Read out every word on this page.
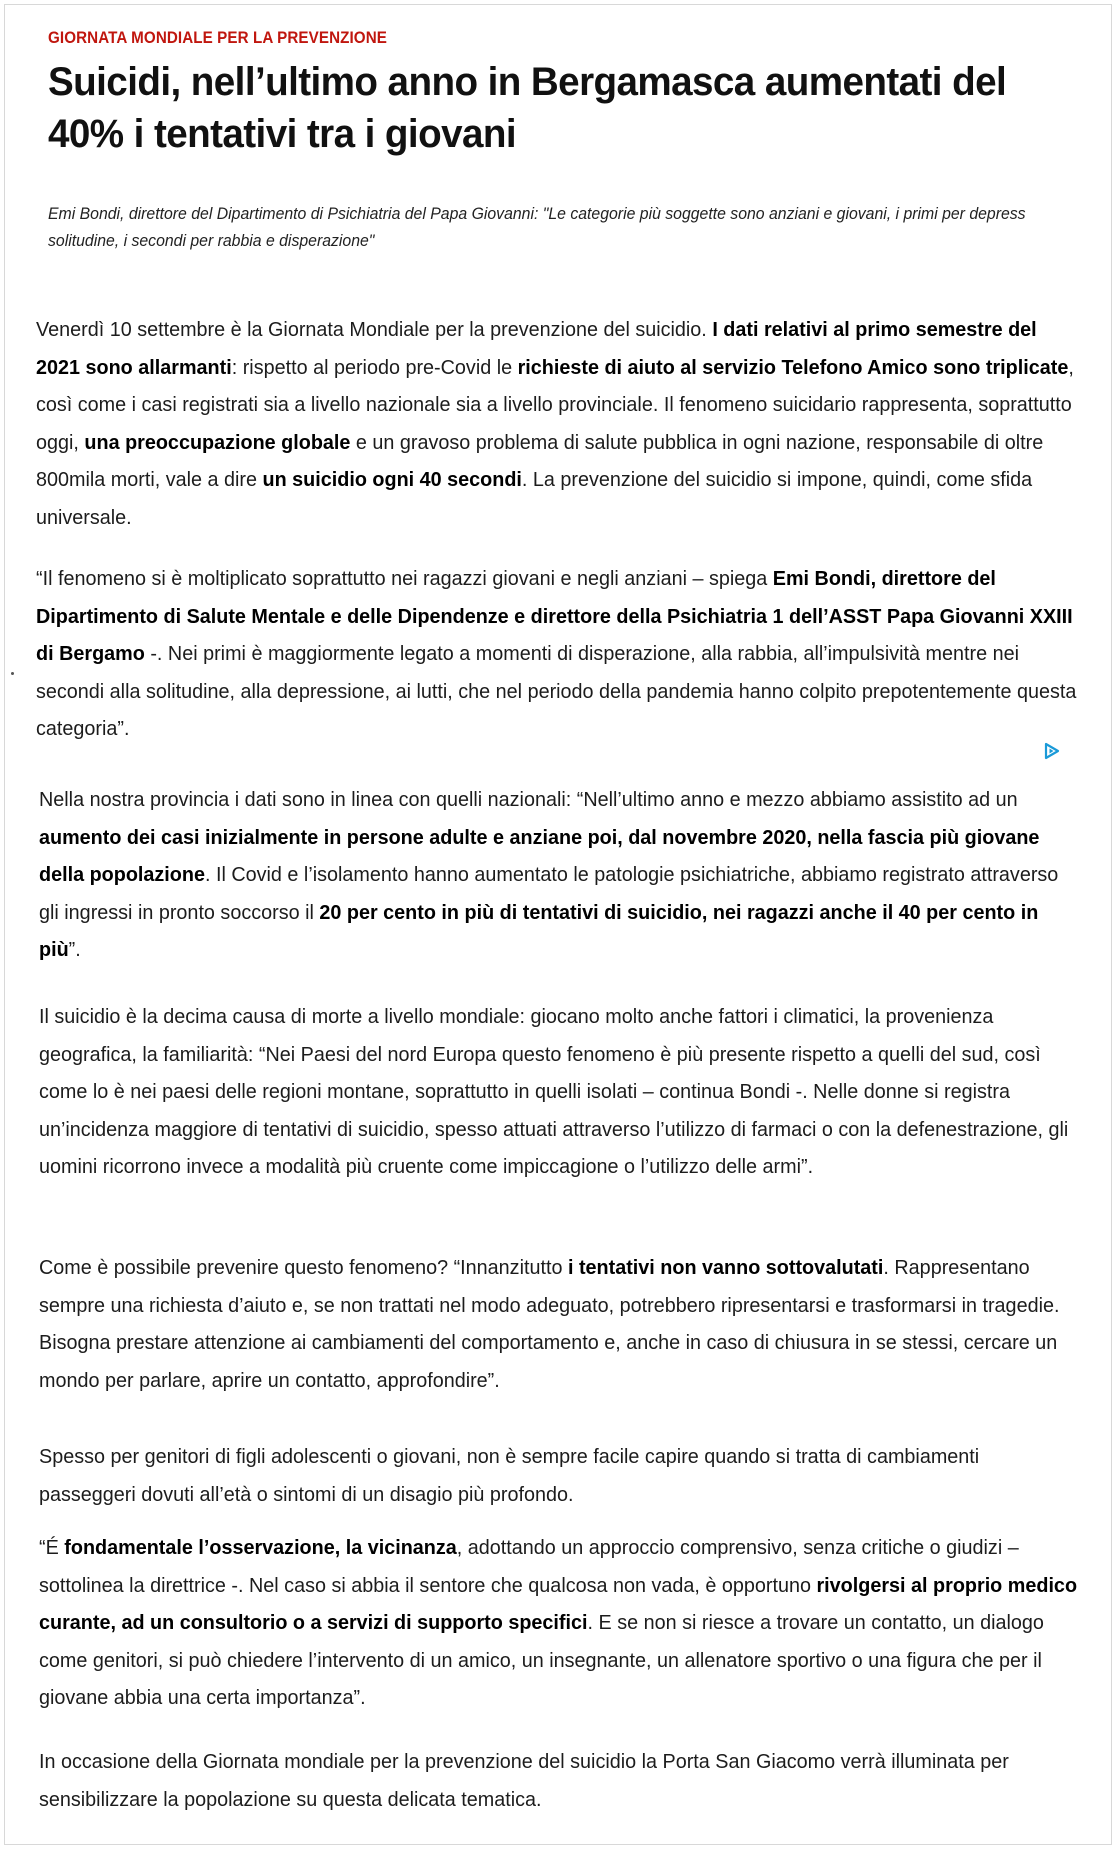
GIORNATA MONDIALE PER LA PREVENZIONE
Suicidi, nell’ultimo anno in Bergamasca aumentati del 40% i tentativi tra i giovani
Emi Bondi, direttore del Dipartimento di Psichiatria del Papa Giovanni: "Le categorie più soggette sono anziani e giovani, i primi per depress solitudine, i secondi per rabbia e disperazione"

Venerdì 10 settembre è la Giornata Mondiale per la prevenzione del suicidio. I dati relativi al primo semestre del 2021 sono allarmanti: rispetto al periodo pre-Covid le richieste di aiuto al servizio Telefono Amico sono triplicate, così come i casi registrati sia a livello nazionale sia a livello provinciale. Il fenomeno suicidario rappresenta, soprattutto oggi, una preoccupazione globale e un gravoso problema di salute pubblica in ogni nazione, responsabile di oltre 800mila morti, vale a dire un suicidio ogni 40 secondi. La prevenzione del suicidio si impone, quindi, come sfida universale.

“Il fenomeno si è moltiplicato soprattutto nei ragazzi giovani e negli anziani – spiega Emi Bondi, direttore del Dipartimento di Salute Mentale e delle Dipendenze e direttore della Psichiatria 1 dell’ASST Papa Giovanni XXIII di Bergamo -. Nei primi è maggiormente legato a momenti di disperazione, alla rabbia, all’impulsività mentre nei secondi alla solitudine, alla depressione, ai lutti, che nel periodo della pandemia hanno colpito prepotentemente questa categoria”.

Nella nostra provincia i dati sono in linea con quelli nazionali: “Nell’ultimo anno e mezzo abbiamo assistito ad un aumento dei casi inizialmente in persone adulte e anziane poi, dal novembre 2020, nella fascia più giovane della popolazione. Il Covid e l’isolamento hanno aumentato le patologie psichiatriche, abbiamo registrato attraverso gli ingressi in pronto soccorso il 20 per cento in più di tentativi di suicidio, nei ragazzi anche il 40 per cento in più”.

Il suicidio è la decima causa di morte a livello mondiale: giocano molto anche fattori i climatici, la provenienza geografica, la familiarità: “Nei Paesi del nord Europa questo fenomeno è più presente rispetto a quelli del sud, così come lo è nei paesi delle regioni montane, soprattutto in quelli isolati – continua Bondi -. Nelle donne si registra un’incidenza maggiore di tentativi di suicidio, spesso attuati attraverso l’utilizzo di farmaci o con la defenestrazione, gli uomini ricorrono invece a modalità più cruente come impiccagione o l’utilizzo delle armi”.

Come è possibile prevenire questo fenomeno? “Innanzitutto i tentativi non vanno sottovalutati. Rappresentano sempre una richiesta d’aiuto e, se non trattati nel modo adeguato, potrebbero ripresentarsi e trasformarsi in tragedie. Bisogna prestare attenzione ai cambiamenti del comportamento e, anche in caso di chiusura in se stessi, cercare un mondo per parlare, aprire un contatto, approfondire”.

Spesso per genitori di figli adolescenti o giovani, non è sempre facile capire quando si tratta di cambiamenti passeggeri dovuti all’età o sintomi di un disagio più profondo.

“É fondamentale l’osservazione, la vicinanza, adottando un approccio comprensivo, senza critiche o giudizi – sottolinea la direttrice -. Nel caso si abbia il sentore che qualcosa non vada, è opportuno rivolgersi al proprio medico curante, ad un consultorio o a servizi di supporto specifici. E se non si riesce a trovare un contatto, un dialogo come genitori, si può chiedere l’intervento di un amico, un insegnante, un allenatore sportivo o una figura che per il giovane abbia una certa importanza”.

In occasione della Giornata mondiale per la prevenzione del suicidio la Porta San Giacomo verrà illuminata per sensibilizzare la popolazione su questa delicata tematica.
